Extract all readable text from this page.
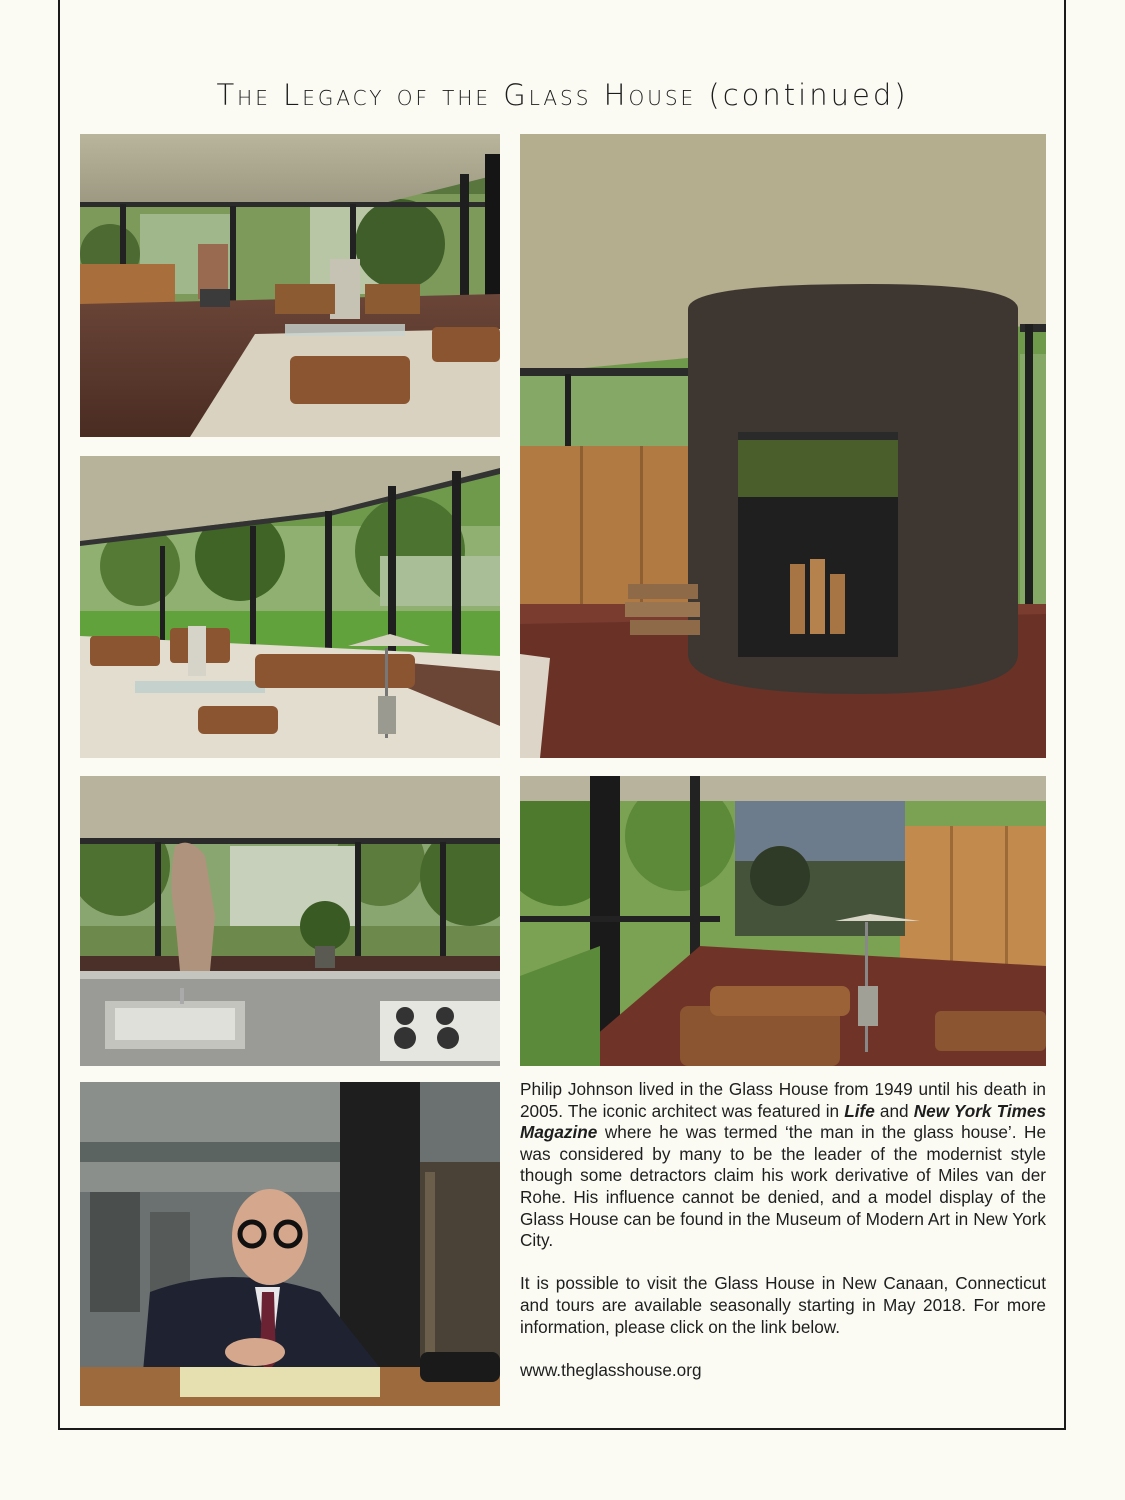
The Legacy of the Glass House (continued)

Philip Johnson lived in the Glass House from 1949 until his death in 2005. The iconic architect was featured in Life and New York Times Magazine where he was termed ‘the man in the glass house’. He was considered by many to be the leader of the modernist style though some detractors claim his work derivative of Miles van der Rohe. His influence cannot be denied, and a model display of the Glass House can be found in the Museum of Modern Art in New York City.

It is possible to visit the Glass House in New Canaan, Connecticut and tours are available seasonally starting in May 2018. For more information, please click on the link below.

www.theglasshouse.org
